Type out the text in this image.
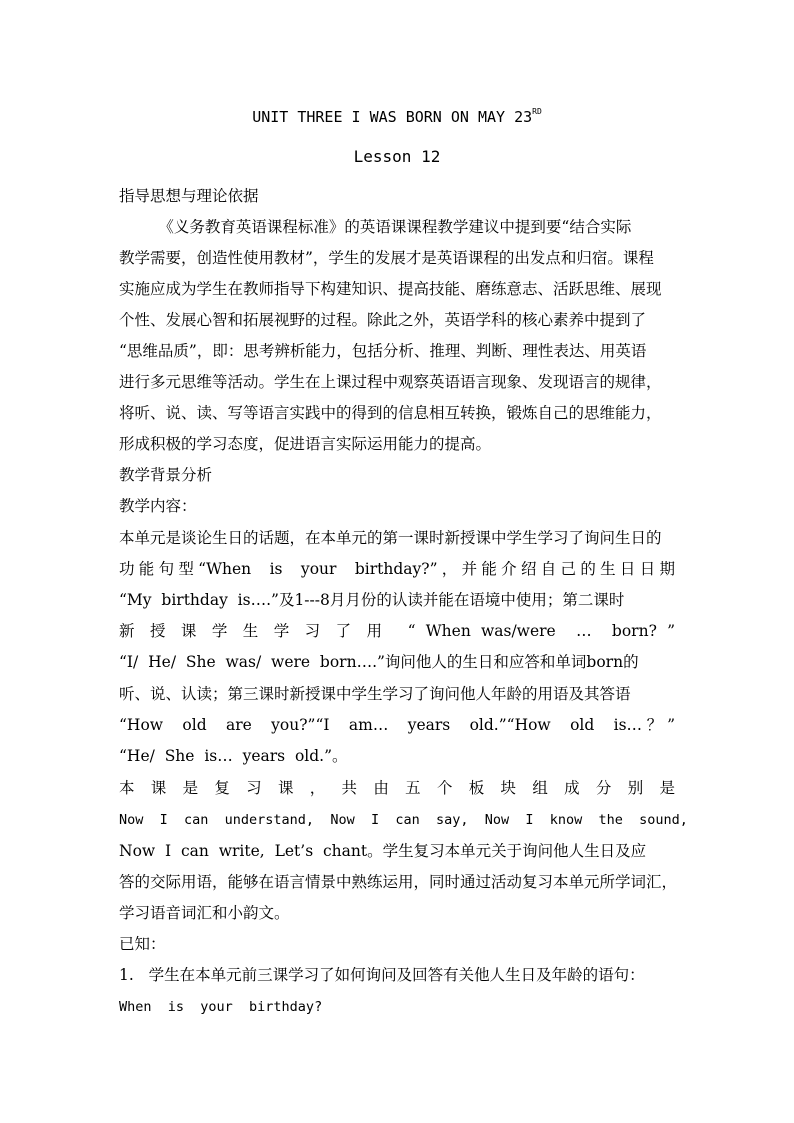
UNIT THREE I WAS BORN ON MAY 23RD
Lesson 12
指导思想与理论依据
《义务教育英语课程标准》的英语课课程教学建议中提到要“结合实际
教学需要，创造性使用教材”，学生的发展才是英语课程的出发点和归宿。课程
实施应成为学生在教师指导下构建知识、提高技能、磨练意志、活跃思维、展现
个性、发展心智和拓展视野的过程。除此之外，英语学科的核心素养中提到了
“思维品质”，即：思考辨析能力，包括分析、推理、判断、理性表达、用英语
进行多元思维等活动。学生在上课过程中观察英语语言现象、发现语言的规律，
将听、说、读、写等语言实践中的得到的信息相互转换，锻炼自己的思维能力，
形成积极的学习态度，促进语言实际运用能力的提高。
教学背景分析
教学内容：
本单元是谈论生日的话题，在本单元的第一课时新授课中学生学习了询问生日的
功能句型“When  is  your  birthday?”，并能介绍自己的生日日期
“My  birthday  is….”及1---8月月份的认读并能在语境中使用；第二课时
新 授 课 学 生 学 习 了 用  “ When was/were  …  born? ”
“I/  He/  She  was/  were  born….”询问他人的生日和应答和单词born的
听、说、认读；第三课时新授课中学生学习了询问他人年龄的用语及其答语
“How  old  are  you?”“I  am…  years  old.”“How  old  is…？”
“He/  She  is…  years  old.”。
本 课 是 复 习 课 ， 共 由 五 个 板 块 组 成 分 别 是
Now  I  can  understand,  Now  I  can  say,  Now  I  know  the  sound,
Now  I  can  write,  Let’s  chant。学生复习本单元关于询问他人生日及应
答的交际用语，能够在语言情景中熟练运用，同时通过活动复习本单元所学词汇，
学习语音词汇和小韵文。
已知：
1.   学生在本单元前三课学习了如何询问及回答有关他人生日及年龄的语句：
When  is  your  birthday?
